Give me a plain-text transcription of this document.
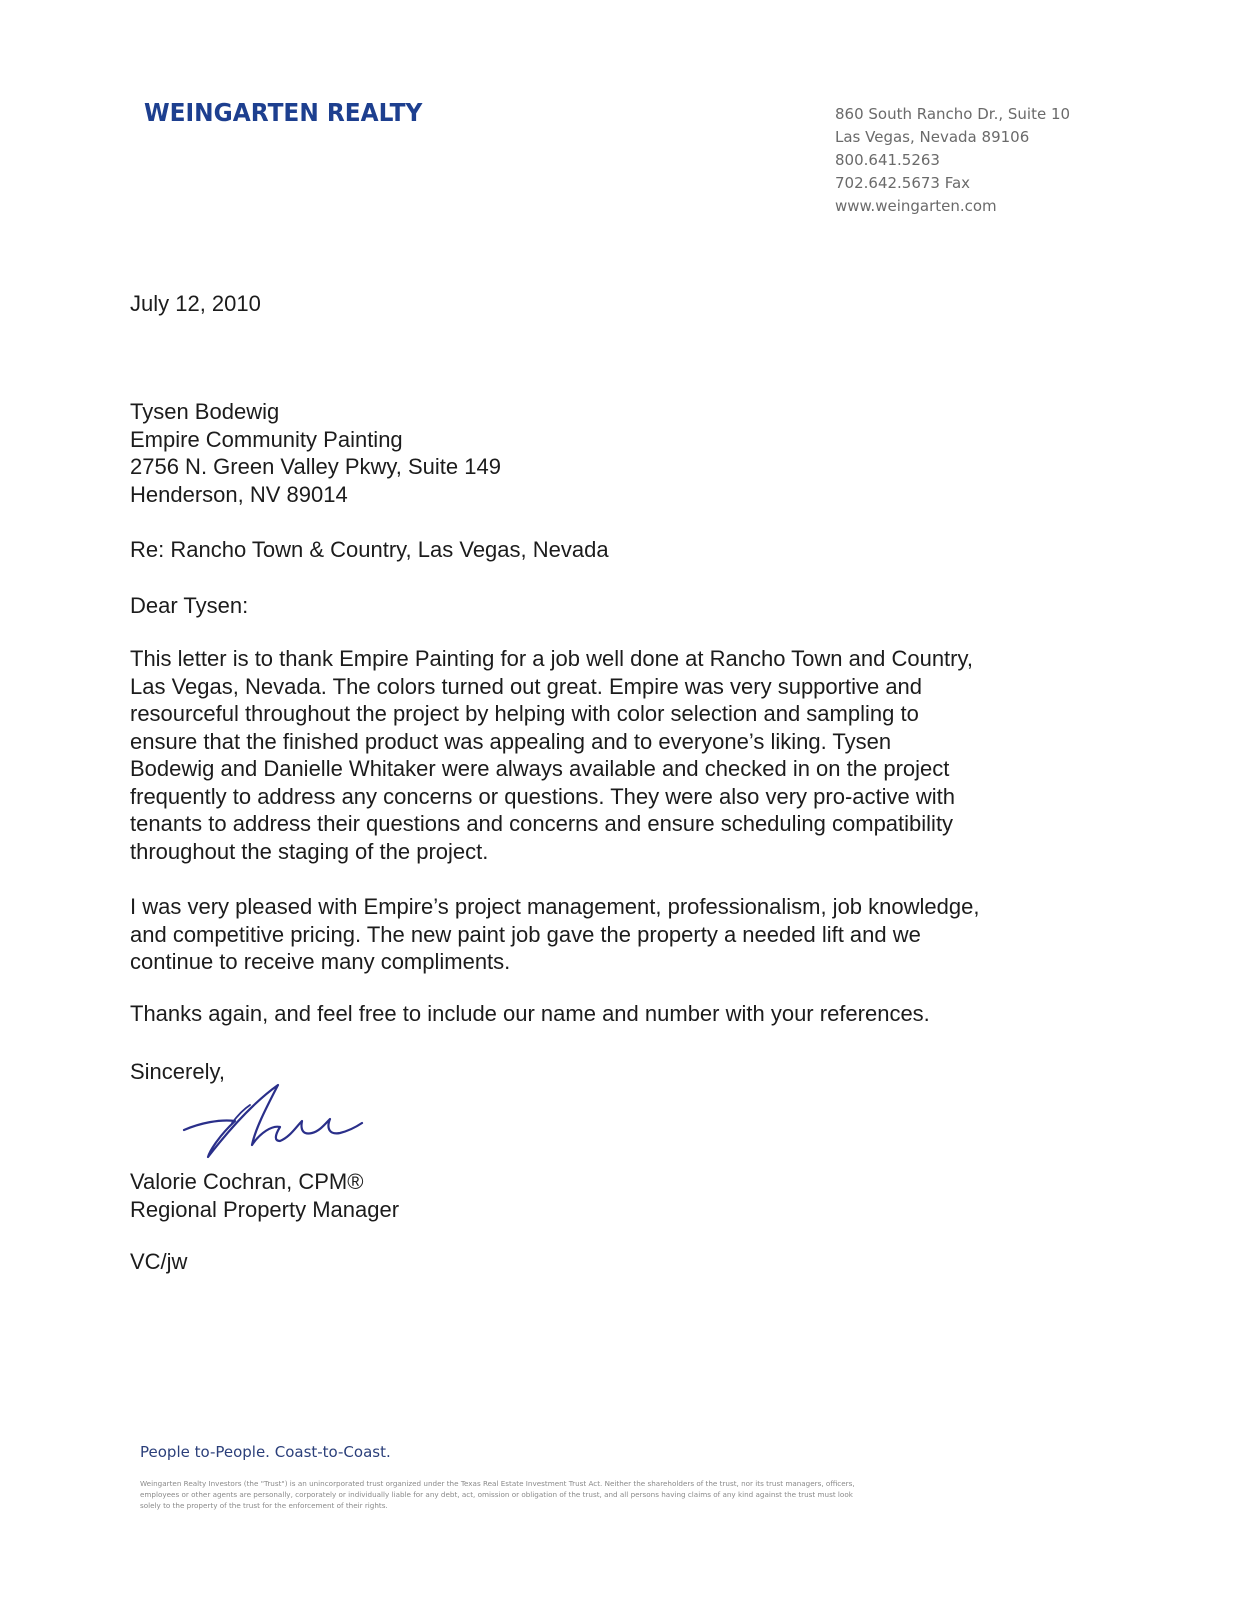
WEINGARTEN REALTY	860 South Rancho Dr., Suite 10
Las Vegas, Nevada 89106
800.641.5263
702.642.5673 Fax
www.weingarten.com
July 12, 2010
Tysen Bodewig
Empire Community Painting
2756 N. Green Valley Pkwy, Suite 149
Henderson, NV 89014
Re: Rancho Town & Country, Las Vegas, Nevada
Dear Tysen:
This letter is to thank Empire Painting for a job well done at Rancho Town and Country,
Las Vegas, Nevada. The colors turned out great. Empire was very supportive and
resourceful throughout the project by helping with color selection and sampling to
ensure that the finished product was appealing and to everyone’s liking. Tysen
Bodewig and Danielle Whitaker were always available and checked in on the project
frequently to address any concerns or questions. They were also very pro-active with
tenants to address their questions and concerns and ensure scheduling compatibility
throughout the staging of the project.
I was very pleased with Empire’s project management, professionalism, job knowledge,
and competitive pricing. The new paint job gave the property a needed lift and we
continue to receive many compliments.
Thanks again, and feel free to include our name and number with your references.
Sincerely,
Valorie Cochran, CPM®
Regional Property Manager
VC/jw
People to-People. Coast-to-Coast.
Weingarten Realty Investors (the "Trust") is an unincorporated trust organized under the Texas Real Estate Investment Trust Act. Neither the shareholders of the trust, nor its trust managers, officers,
employees or other agents are personally, corporately or individually liable for any debt, act, omission or obligation of the trust, and all persons having claims of any kind against the trust must look
solely to the property of the trust for the enforcement of their rights.
